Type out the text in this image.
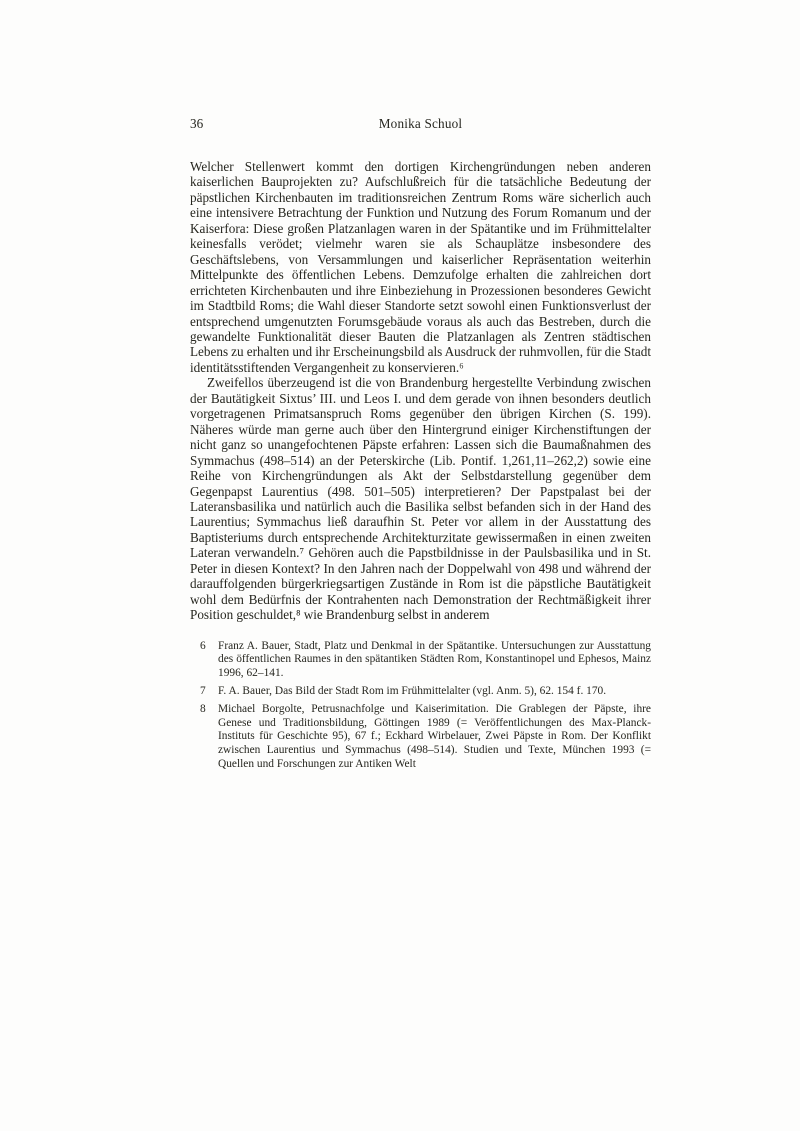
36	Monika Schuol

Welcher Stellenwert kommt den dortigen Kirchengründungen neben anderen kaiserlichen Bauprojekten zu? Aufschlußreich für die tatsächliche Bedeutung der päpstlichen Kirchenbauten im traditionsreichen Zentrum Roms wäre sicherlich auch eine intensivere Betrachtung der Funktion und Nutzung des Forum Romanum und der Kaiserfora: Diese großen Platzanlagen waren in der Spätantike und im Frühmittelalter keinesfalls verödet; vielmehr waren sie als Schauplätze insbesondere des Geschäftslebens, von Versammlungen und kaiserlicher Repräsentation weiterhin Mittelpunkte des öffentlichen Lebens. Demzufolge erhalten die zahlreichen dort errichteten Kirchenbauten und ihre Einbeziehung in Prozessionen besonderes Gewicht im Stadtbild Roms; die Wahl dieser Standorte setzt sowohl einen Funktionsverlust der entsprechend umgenutzten Forumsgebäude voraus als auch das Bestreben, durch die gewandelte Funktionalität dieser Bauten die Platzanlagen als Zentren städtischen Lebens zu erhalten und ihr Erscheinungsbild als Ausdruck der ruhmvollen, für die Stadt identitätsstiftenden Vergangenheit zu konservieren.⁶

Zweifellos überzeugend ist die von Brandenburg hergestellte Verbindung zwischen der Bautätigkeit Sixtus’ III. und Leos I. und dem gerade von ihnen besonders deutlich vorgetragenen Primatsanspruch Roms gegenüber den übrigen Kirchen (S. 199). Näheres würde man gerne auch über den Hintergrund einiger Kirchenstiftungen der nicht ganz so unangefochtenen Päpste erfahren: Lassen sich die Baumaßnahmen des Symmachus (498–514) an der Peterskirche (Lib. Pontif. 1,261,11–262,2) sowie eine Reihe von Kirchengründungen als Akt der Selbstdarstellung gegenüber dem Gegenpapst Laurentius (498. 501–505) interpretieren? Der Papstpalast bei der Lateransbasilika und natürlich auch die Basilika selbst befanden sich in der Hand des Laurentius; Symmachus ließ daraufhin St. Peter vor allem in der Ausstattung des Baptisteriums durch entsprechende Architekturzitate gewissermaßen in einen zweiten Lateran verwandeln.⁷ Gehören auch die Papstbildnisse in der Paulsbasilika und in St. Peter in diesen Kontext? In den Jahren nach der Doppelwahl von 498 und während der darauffolgenden bürgerkriegsartigen Zustände in Rom ist die päpstliche Bautätigkeit wohl dem Bedürfnis der Kontrahenten nach Demonstration der Rechtmäßigkeit ihrer Position geschuldet,⁸ wie Brandenburg selbst in anderem

6	Franz A. Bauer, Stadt, Platz und Denkmal in der Spätantike. Untersuchungen zur Ausstattung des öffentlichen Raumes in den spätantiken Städten Rom, Konstantinopel und Ephesos, Mainz 1996, 62–141.
7	F. A. Bauer, Das Bild der Stadt Rom im Frühmittelalter (vgl. Anm. 5), 62. 154 f. 170.
8	Michael Borgolte, Petrusnachfolge und Kaiserimitation. Die Grablegen der Päpste, ihre Genese und Traditionsbildung, Göttingen 1989 (= Veröffentlichungen des Max-Planck-Instituts für Geschichte 95), 67 f.; Eckhard Wirbelauer, Zwei Päpste in Rom. Der Konflikt zwischen Laurentius und Symmachus (498–514). Studien und Texte, München 1993 (= Quellen und Forschungen zur Antiken Welt
